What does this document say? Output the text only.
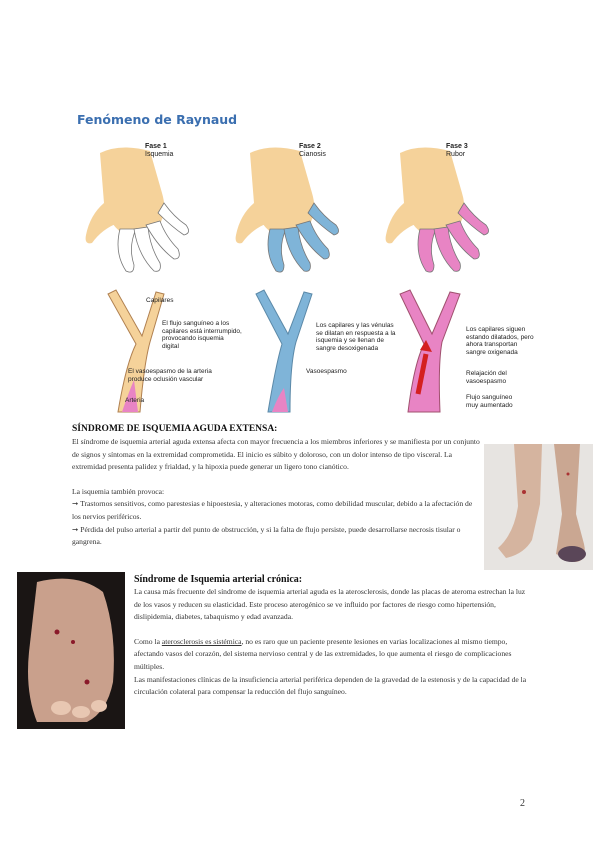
Fenómeno de Raynaud
Fase 1
Isquemia
Fase 2
Cianosis
Fase 3
Rubor
Capilares
El flujo sanguíneo a los capilares está interrumpido, provocando isquemia digital
El vasoespasmo de la arteria produce oclusión vascular
Arteria
Los capilares y las vénulas se dilatan en respuesta a la isquemia y se llenan de sangre desoxigenada
Vasoespasmo
Los capilares siguen estando dilatados, pero ahora transportan sangre oxigenada
Relajación del vasoespasmo
Flujo sanguíneo muy aumentado
SÍNDROME DE ISQUEMIA AGUDA EXTENSA:

El síndrome de isquemia arterial aguda extensa afecta con mayor frecuencia a los miembros inferiores y se manifiesta por un conjunto de signos y síntomas en la extremidad comprometida. El inicio es súbito y doloroso, con un dolor intenso de tipo visceral. La extremidad presenta palidez y frialdad, y la hipoxia puede generar un ligero tono cianótico.

La isquemia también provoca:

➞ Trastornos sensitivos, como parestesias e hipoestesia, y alteraciones motoras, como debilidad muscular, debido a la afectación de los nervios periféricos.

➞ Pérdida del pulso arterial a partir del punto de obstrucción, y si la falta de flujo persiste, puede desarrollarse necrosis tisular o gangrena.

Síndrome de Isquemia arterial crónica:

La causa más frecuente del síndrome de isquemia arterial aguda es la aterosclerosis, donde las placas de ateroma estrechan la luz de los vasos y reducen su elasticidad. Este proceso aterogénico se ve influido por factores de riesgo como hipertensión, dislipidemia, diabetes, tabaquismo y edad avanzada.

Como la aterosclerosis es sistémica, no es raro que un paciente presente lesiones en varias localizaciones al mismo tiempo, afectando vasos del corazón, del sistema nervioso central y de las extremidades, lo que aumenta el riesgo de complicaciones múltiples.

Las manifestaciones clínicas de la insuficiencia arterial periférica dependen de la gravedad de la estenosis y de la capacidad de la circulación colateral para compensar la reducción del flujo sanguíneo.

2
